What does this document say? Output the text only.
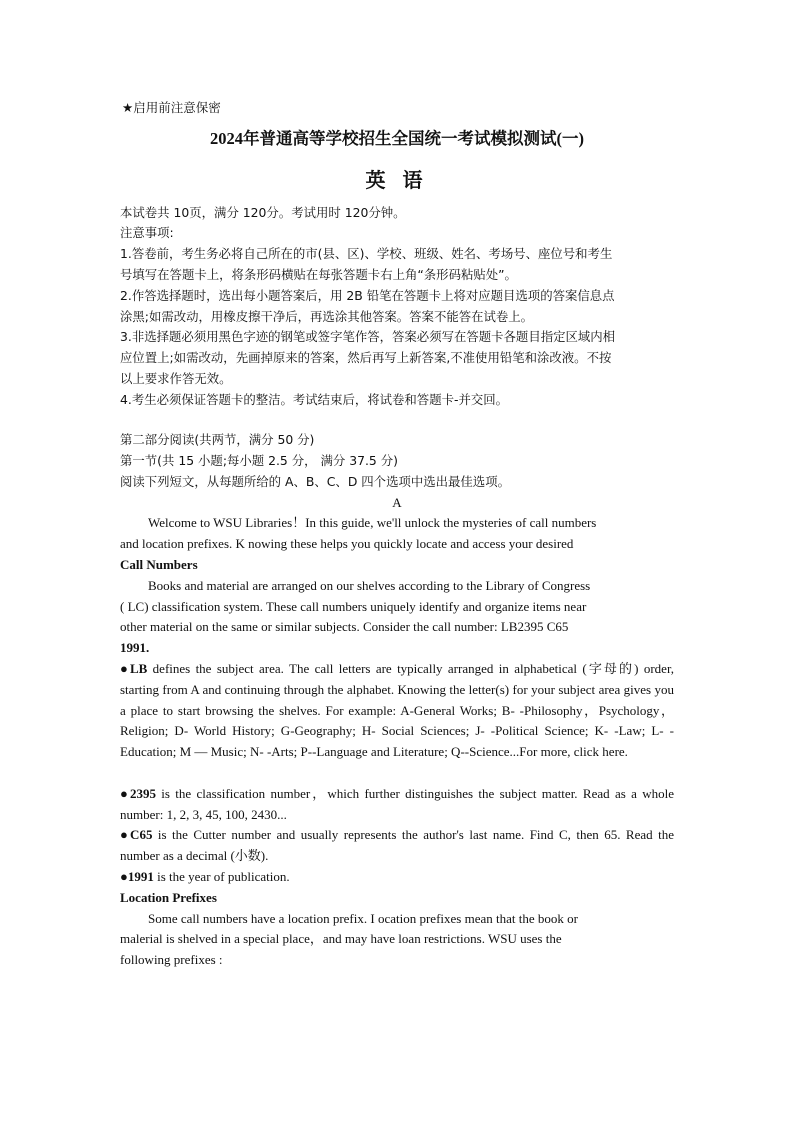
★启用前注意保密
2024年普通高等学校招生全国统一考试模拟测试(一)
英 语
本试卷共 10页，满分 120分。考试用时 120分钟。
注意事项:
1.答卷前，考生务必将自己所在的市(县、区)、学校、班级、姓名、考场号、座位号和考生
号填写在答题卡上，将条形码横贴在每张答题卡右上角“条形码粘贴处”。
2.作答选择题时，选出每小题答案后，用 2B 铅笔在答题卡上将对应题目选项的答案信息点
涂黑;如需改动，用橡皮擦干净后，再选涂其他答案。答案不能答在试卷上。
3.非选择题必须用黑色字迹的钢笔或签字笔作答，答案必须写在答题卡各题目指定区域内相
应位置上;如需改动，先画掉原来的答案，然后再写上新答案,不准使用铅笔和涂改液。不按
以上要求作答无效。
4.考生必须保证答题卡的整洁。考试结束后，将试卷和答题卡-并交回。
第二部分阅读(共两节，满分 50 分)
第一节(共 15 小题;每小题 2.5 分， 满分 37.5 分)
阅读下列短文，从每题所给的 A、B、C、D 四个选项中选出最佳选项。
A
Welcome to WSU Libraries！In this guide, we'll unlock the mysteries of call numbers
and location prefixes. K nowing these helps you quickly locate and access your desired
Call Numbers
Books and material are arranged on our shelves according to the Library of Congress
( LC) classification system. These call numbers uniquely identify and organize items near
other material on the same or similar subjects. Consider the call number: LB2395 C65
1991.
●LB defines the subject area. The call letters are typically arranged in alphabetical (字母的) order, starting from A and continuing through the alphabet. Knowing the letter(s) for your subject area gives you a place to start browsing the shelves. For example: A-General Works; B- -Philosophy，Psychology， Religion; D- World History; G-Geography; H- Social Sciences; J- -Political Science; K- -Law; L- -Education; M — Music; N- -Arts; P--Language and Literature; Q--Science...For more, click here.
●2395 is the classification number，which further distinguishes the subject matter. Read as a whole number: 1, 2, 3, 45, 100, 2430...
●C65 is the Cutter number and usually represents the author's last name. Find C, then 65. Read the number as a decimal (小数).
●1991 is the year of publication.
Location Prefixes
Some call numbers have a location prefix. I ocation prefixes mean that the book or
malerial is shelved in a special place，and may have loan restrictions. WSU uses the
following prefixes :
